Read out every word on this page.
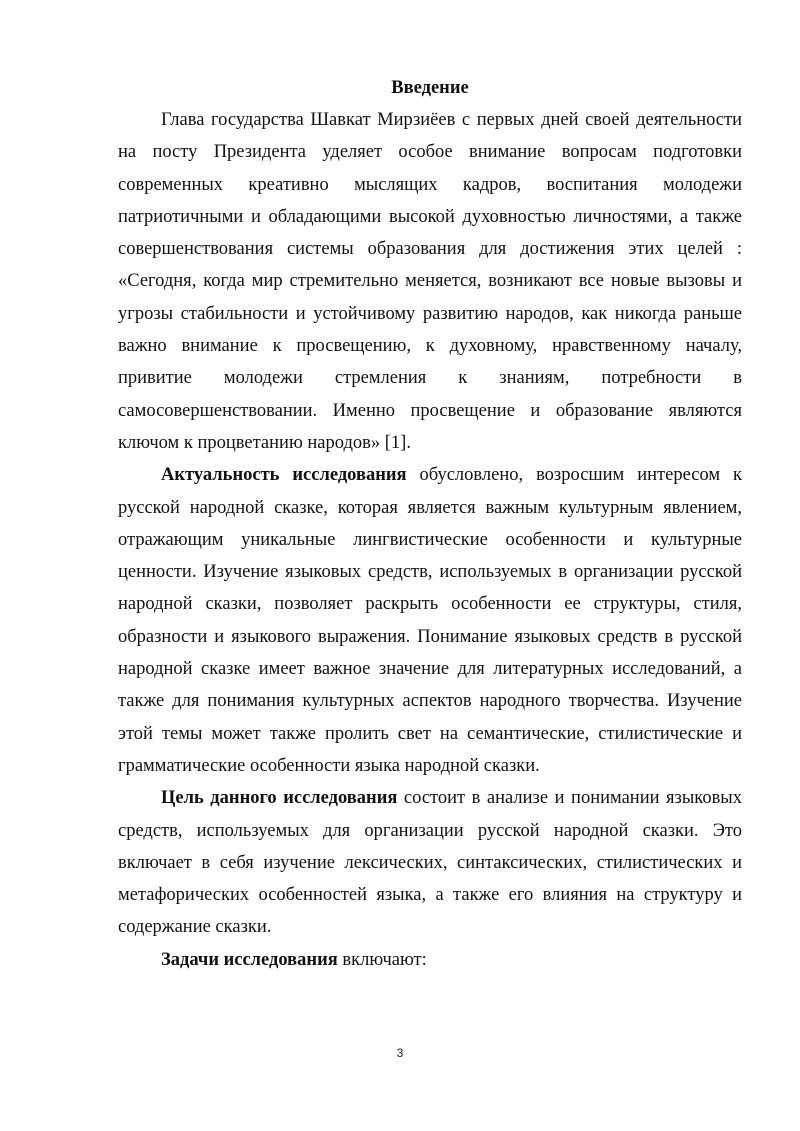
Введение

Глава государства Шавкат Мирзиёев с первых дней своей деятельности на посту Президента уделяет особое внимание вопросам подготовки современных креативно мыслящих кадров, воспитания молодежи патриотичными и обладающими высокой духовностью личностями, а также совершенствования системы образования для достижения этих целей : «Сегодня, когда мир стремительно меняется, возникают все новые вызовы и угрозы стабильности и устойчивому развитию народов, как никогда раньше важно внимание к просвещению, к духовному, нравственному началу, привитие молодежи стремления к знаниям, потребности в самосовершенствовании. Именно просвещение и образование являются ключом к процветанию народов» [1].

Актуальность исследования обусловлено, возросшим интересом к русской народной сказке, которая является важным культурным явлением, отражающим уникальные лингвистические особенности и культурные ценности. Изучение языковых средств, используемых в организации русской народной сказки, позволяет раскрыть особенности ее структуры, стиля, образности и языкового выражения. Понимание языковых средств в русской народной сказке имеет важное значение для литературных исследований, а также для понимания культурных аспектов народного творчества. Изучение этой темы может также пролить свет на семантические, стилистические и грамматические особенности языка народной сказки.

Цель данного исследования состоит в анализе и понимании языковых средств, используемых для организации русской народной сказки. Это включает в себя изучение лексических, синтаксических, стилистических и метафорических особенностей языка, а также его влияния на структуру и содержание сказки.

Задачи исследования включают:

3
